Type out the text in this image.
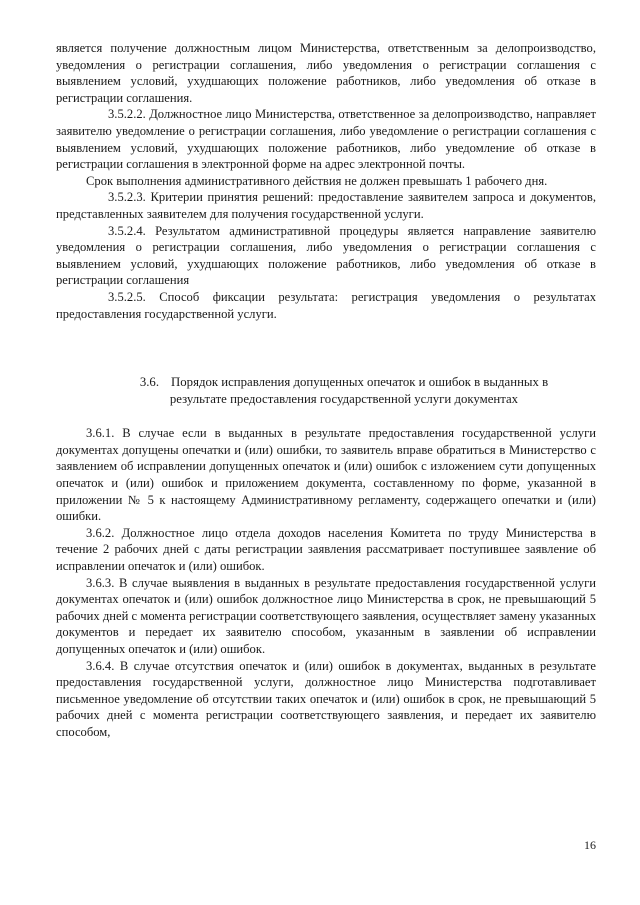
является получение должностным лицом Министерства, ответственным за делопроизводство, уведомления о регистрации соглашения, либо уведомления о регистрации соглашения с выявлением условий, ухудшающих положение работников, либо уведомления об отказе в регистрации соглашения.

3.5.2.2. Должностное лицо Министерства, ответственное за делопроизводство, направляет заявителю уведомление о регистрации соглашения, либо уведомление о регистрации соглашения с выявлением условий, ухудшающих положение работников, либо уведомление об отказе в регистрации соглашения в электронной форме на адрес электронной почты.

Срок выполнения административного действия не должен превышать 1 рабочего дня.

3.5.2.3. Критерии принятия решений: предоставление заявителем запроса и документов, представленных заявителем для получения государственной услуги.

3.5.2.4. Результатом административной процедуры является направление заявителю уведомления о регистрации соглашения, либо уведомления о регистрации соглашения с выявлением условий, ухудшающих положение работников, либо уведомления об отказе в регистрации соглашения

3.5.2.5. Способ фиксации результата: регистрация уведомления о результатах предоставления государственной услуги.

3.6. Порядок исправления допущенных опечаток и ошибок в выданных в результате предоставления государственной услуги документах

3.6.1. В случае если в выданных в результате предоставления государственной услуги документах допущены опечатки и (или) ошибки, то заявитель вправе обратиться в Министерство с заявлением об исправлении допущенных опечаток и (или) ошибок с изложением сути допущенных опечаток и (или) ошибок и приложением документа, составленному по форме, указанной в приложении № 5 к настоящему Административному регламенту, содержащего опечатки и (или) ошибки.

3.6.2. Должностное лицо отдела доходов населения Комитета по труду Министерства в течение 2 рабочих дней с даты регистрации заявления рассматривает поступившее заявление об исправлении опечаток и (или) ошибок.

3.6.3. В случае выявления в выданных в результате предоставления государственной услуги документах опечаток и (или) ошибок должностное лицо Министерства в срок, не превышающий 5 рабочих дней с момента регистрации соответствующего заявления, осуществляет замену указанных документов и передает их заявителю способом, указанным в заявлении об исправлении допущенных опечаток и (или) ошибок.

3.6.4. В случае отсутствия опечаток и (или) ошибок в документах, выданных в результате предоставления государственной услуги, должностное лицо Министерства подготавливает письменное уведомление об отсутствии таких опечаток и (или) ошибок в срок, не превышающий 5 рабочих дней с момента регистрации соответствующего заявления, и передает их заявителю способом,

16
